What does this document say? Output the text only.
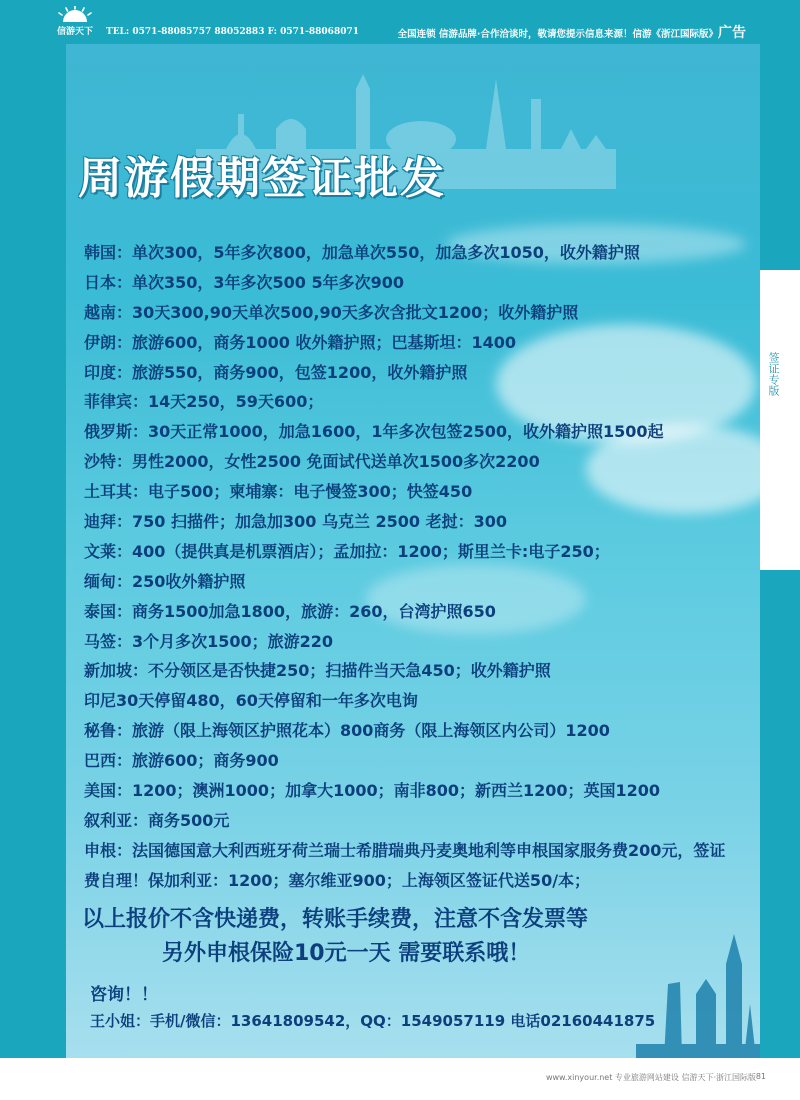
信游天下	TEL: 0571-88085757 88052883 F: 0571-88068071	全国连锁 信游品牌·合作洽谈时，敬请您提示信息来源！信游《浙江国际版》 广告
签证专版
周游假期签证批发
韩国：单次300，5年多次800，加急单次550，加急多次1050，收外籍护照
日本：单次350，3年多次500 5年多次900
越南：30天300,90天单次500,90天多次含批文1200；收外籍护照
伊朗：旅游600，商务1000 收外籍护照；巴基斯坦：1400
印度：旅游550，商务900，包签1200，收外籍护照
菲律宾：14天250，59天600；
俄罗斯：30天正常1000，加急1600，1年多次包签2500，收外籍护照1500起
沙特：男性2000，女性2500 免面试代送单次1500多次2200
土耳其：电子500；柬埔寨：电子慢签300；快签450
迪拜：750 扫描件；加急加300 乌克兰 2500 老挝：300
文莱：400（提供真是机票酒店）；孟加拉：1200；斯里兰卡:电子250；
缅甸：250收外籍护照
泰国：商务1500加急1800，旅游：260，台湾护照650
马签：3个月多次1500；旅游220
新加坡：不分领区是否快捷250；扫描件当天急450；收外籍护照
印尼30天停留480，60天停留和一年多次电询
秘鲁：旅游（限上海领区护照花本）800商务（限上海领区内公司）1200
巴西：旅游600；商务900
美国：1200；澳洲1000；加拿大1000；南非800；新西兰1200；英国1200
叙利亚：商务500元
申根：法国德国意大利西班牙荷兰瑞士希腊瑞典丹麦奥地利等申根国家服务费200元，签证
费自理！保加利亚：1200；塞尔维亚900；上海领区签证代送50/本；
以上报价不含快递费，转账手续费，注意不含发票等
另外申根保险10元一天 需要联系哦！
咨询！！
王小姐：手机/微信：13641809542，QQ：1549057119 电话02160441875
www.xinyour.net 专业旅游网站建设 信游天下·浙江国际版 81
